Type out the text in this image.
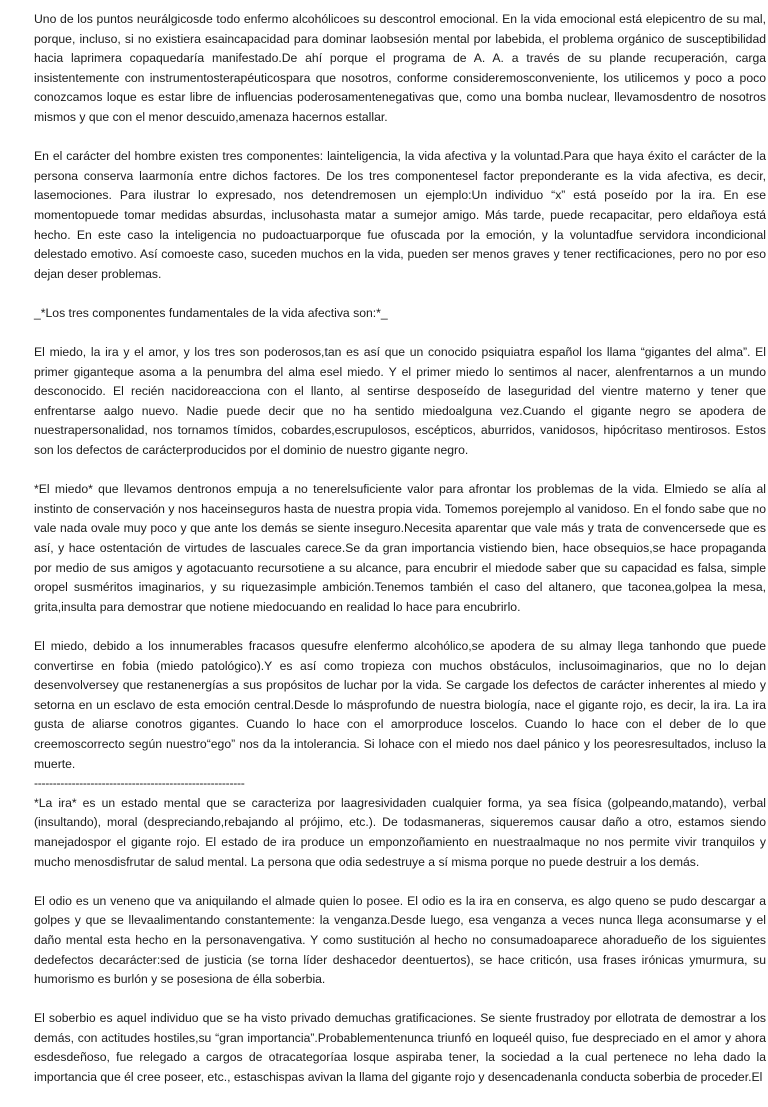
Uno de los puntos neurálgicosde todo enfermo alcohólicoes su descontrol emocional. En la vida emocional está elepicentro de su mal, porque, incluso, si no existiera esaincapacidad para dominar laobsesión mental por labebida, el problema orgánico de susceptibilidad hacia laprimera copaquedaría manifestado.De ahí porque el programa de A. A. a través de su plande recuperación, carga insistentemente con instrumentosterapéuticospara que nosotros, conforme consideremosconveniente, los utilicemos y poco a poco conozcamos loque es estar libre de influencias poderosamentenegativas que, como una bomba nuclear, llevamosdentro de nosotros mismos y que con el menor descuido,amenaza hacernos estallar.

En el carácter del hombre existen tres componentes: lainteligencia, la vida afectiva y la voluntad.Para que haya éxito el carácter de la persona conserva laarmonía entre dichos factores. De los tres componentesel factor preponderante es la vida afectiva, es decir, lasemociones. Para ilustrar lo expresado, nos detendremosen un ejemplo:Un individuo “x” está poseído por la ira. En ese momentopuede tomar medidas absurdas, inclusohasta matar a sumejor amigo. Más tarde, puede recapacitar, pero eldañoya está hecho. En este caso la inteligencia no pudoactuarporque fue ofuscada por la emoción, y la voluntadfue servidora incondicional delestado emotivo. Así comoeste caso, suceden muchos en la vida, pueden ser menos graves y tener rectificaciones, pero no por eso dejan deser problemas.

_*Los tres componentes fundamentales de la vida afectiva son:*_

El miedo, la ira y el amor, y los tres son poderosos,tan es así que un conocido psiquiatra español los llama “gigantes del alma”. El primer giganteque asoma a la penumbra del alma esel miedo. Y el primer miedo lo sentimos al nacer, alenfrentarnos a un mundo desconocido. El recién nacidoreacciona con el llanto, al sentirse desposeído de laseguridad del vientre materno y tener que enfrentarse aalgo nuevo. Nadie puede decir que no ha sentido miedoalguna vez.Cuando el gigante negro se apodera de nuestrapersonalidad, nos tornamos tímidos, cobardes,escrupulosos, escépticos, aburridos, vanidosos, hipócritaso mentirosos. Estos son los defectos de carácterproducidos por el dominio de nuestro gigante negro.

*El miedo* que llevamos dentronos empuja a no tenerelsuficiente valor para afrontar los problemas de la vida. Elmiedo se alía al instinto de conservación y nos haceinseguros hasta de nuestra propia vida. Tomemos porejemplo al vanidoso. En el fondo sabe que no vale nada ovale muy poco y que ante los demás se siente inseguro.Necesita aparentar que vale más y trata de convencersede que es así, y hace ostentación de virtudes de lascuales carece.Se da gran importancia vistiendo bien, hace obsequios,se hace propaganda por medio de sus amigos y agotacuanto recursotiene a su alcance, para encubrir el miedode saber que su capacidad es falsa, simple oropel susméritos imaginarios, y su riquezasimple ambición.Tenemos también el caso del altanero, que taconea,golpea la mesa, grita,insulta para demostrar que notiene miedocuando en realidad lo hace para encubrirlo.

El miedo, debido a los innumerables fracasos quesufre elenfermo alcohólico,se apodera de su almay llega tanhondo que puede convertirse en fobia (miedo patológico).Y es así como tropieza con muchos obstáculos, inclusoimaginarios, que no lo dejan desenvolverseу que restanenergías a sus propósitos de luchar por la vida. Se cargade los defectos de carácter inherentes al miedo y setorna en un esclavo de esta emoción central.Desde lo másprofundo de nuestra biología, nace el gigante rojo, es decir, la ira. La ira gusta de aliarse conotros gigantes. Cuando lo hace con el amorproduce loscelos. Cuando lo hace con el deber de lo que creemoscorrecto según nuestro“ego” nos da la intolerancia. Si lohace con el miedo nos dael pánico y los peoresresultados, incluso la muerte.

--------------------------------------------------------

*La ira* es un estado mental que se caracteriza por laagresividaden cualquier forma, ya sea física (golpeando,matando), verbal (insultando), moral (despreciando,rebajando al prójimo, etc.). De todasmaneras, siqueremos causar daño a otro, estamos siendo manejadospor el gigante rojo. El estado de ira produce un emponzoñamiento en nuestraalmaque no nos permite vivir tranquilos y mucho menosdisfrutar de salud mental. La persona que odia sedestruye a sí misma porque no puede destruir a los demás.

El odio es un veneno que va aniquilando el almade quien lo posee. El odio es la ira en conserva, es algo queno se pudo descargar a golpes y que se llevaalimentando constantemente: la venganza.Desde luego, esa venganza a veces nunca llega aconsumarse y el daño mental esta hecho en la personavengativa. Y como sustitución al hecho no consumadoaparece ahoradueño de los siguientes dedefectos decarácter:sed de justicia (se torna líder deshacedor deentuertos), se hace criticón, usa frases irónicas ymurmura, su humorismo es burlón y se posesiona de élla soberbia.

El soberbio es aquel individuo que se ha visto privado demuchas gratificaciones. Se siente frustradoy por ellotrata de demostrar a los demás, con actitudes hostiles,su “gran importancia”.Probablementenunca triunfó en loqueél quiso, fue despreciado en el amor y ahora esdesdeñoso, fue relegado a cargos de otracategoríaa losque aspiraba tener, la sociedad a la cual pertenece no leha dado la importancia que él cree poseer, etc., estaschispas avivan la llama del gigante rojo y desencadenanla conducta soberbia de proceder.El
